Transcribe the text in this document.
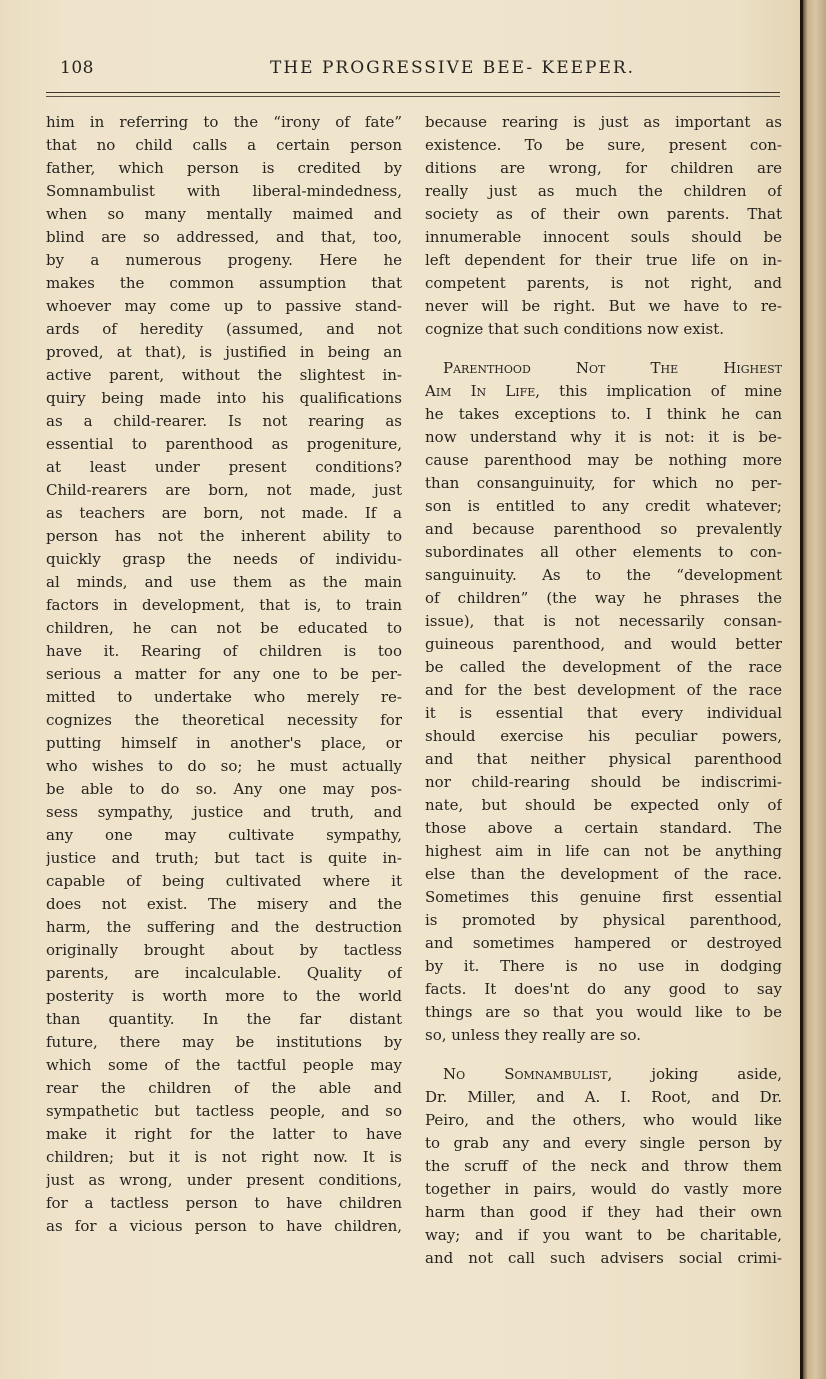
108	THE PROGRESSIVE BEE- KEEPER.
him in referring to the “irony of fate”
that no child calls a certain person
father, which person is credited by
Somnambulist with liberal-mindedness,
when so many mentally maimed and
blind are so addressed, and that, too,
by a numerous progeny. Here he
makes the common assumption that
whoever may come up to passive stand-
ards of heredity (assumed, and not
proved, at that), is justified in being an
active parent, without the slightest in-
quiry being made into his qualifications
as a child-rearer. Is not rearing as
essential to parenthood as progeniture,
at least under present conditions?
Child-rearers are born, not made, just
as teachers are born, not made. If a
person has not the inherent ability to
quickly grasp the needs of individu-
al minds, and use them as the main
factors in development, that is, to train
children, he can not be educated to
have it. Rearing of children is too
serious a matter for any one to be per-
mitted to undertake who merely re-
cognizes the theoretical necessity for
putting himself in another's place, or
who wishes to do so; he must actually
be able to do so. Any one may pos-
sess sympathy, justice and truth, and
any one may cultivate sympathy,
justice and truth; but tact is quite in-
capable of being cultivated where it
does not exist. The misery and the
harm, the suffering and the destruction
originally brought about by tactless
parents, are incalculable. Quality of
posterity is worth more to the world
than quantity. In the far distant
future, there may be institutions by
which some of the tactful people may
rear the children of the able and
sympathetic but tactless people, and so
make it right for the latter to have
children; but it is not right now. It is
just as wrong, under present conditions,
for a tactless person to have children
as for a vicious person to have children,
because rearing is just as important as
existence. To be sure, present con-
ditions are wrong, for children are
really just as much the children of
society as of their own parents. That
innumerable innocent souls should be
left dependent for their true life on in-
competent parents, is not right, and
never will be right. But we have to re-
cognize that such conditions now exist.
Parenthood Not The Highest
Aim In Life, this implication of mine
he takes exceptions to. I think he can
now understand why it is not: it is be-
cause parenthood may be nothing more
than consanguinuity, for which no per-
son is entitled to any credit whatever;
and because parenthood so prevalently
subordinates all other elements to con-
sanguinuity. As to the “development
of children” (the way he phrases the
issue), that is not necessarily consan-
guineous parenthood, and would better
be called the development of the race
and for the best development of the race
it is essential that every individual
should exercise his peculiar powers,
and that neither physical parenthood
nor child-rearing should be indiscrimi-
nate, but should be expected only of
those above a certain standard. The
highest aim in life can not be anything
else than the development of the race.
Sometimes this genuine first essential
is promoted by physical parenthood,
and sometimes hampered or destroyed
by it. There is no use in dodging
facts. It does'nt do any good to say
things are so that you would like to be
so, unless they really are so.
No Somnambulist, joking aside,
Dr. Miller, and A. I. Root, and Dr.
Peiro, and the others, who would like
to grab any and every single person by
the scruff of the neck and throw them
together in pairs, would do vastly more
harm than good if they had their own
way; and if you want to be charitable,
and not call such advisers social crimi-
